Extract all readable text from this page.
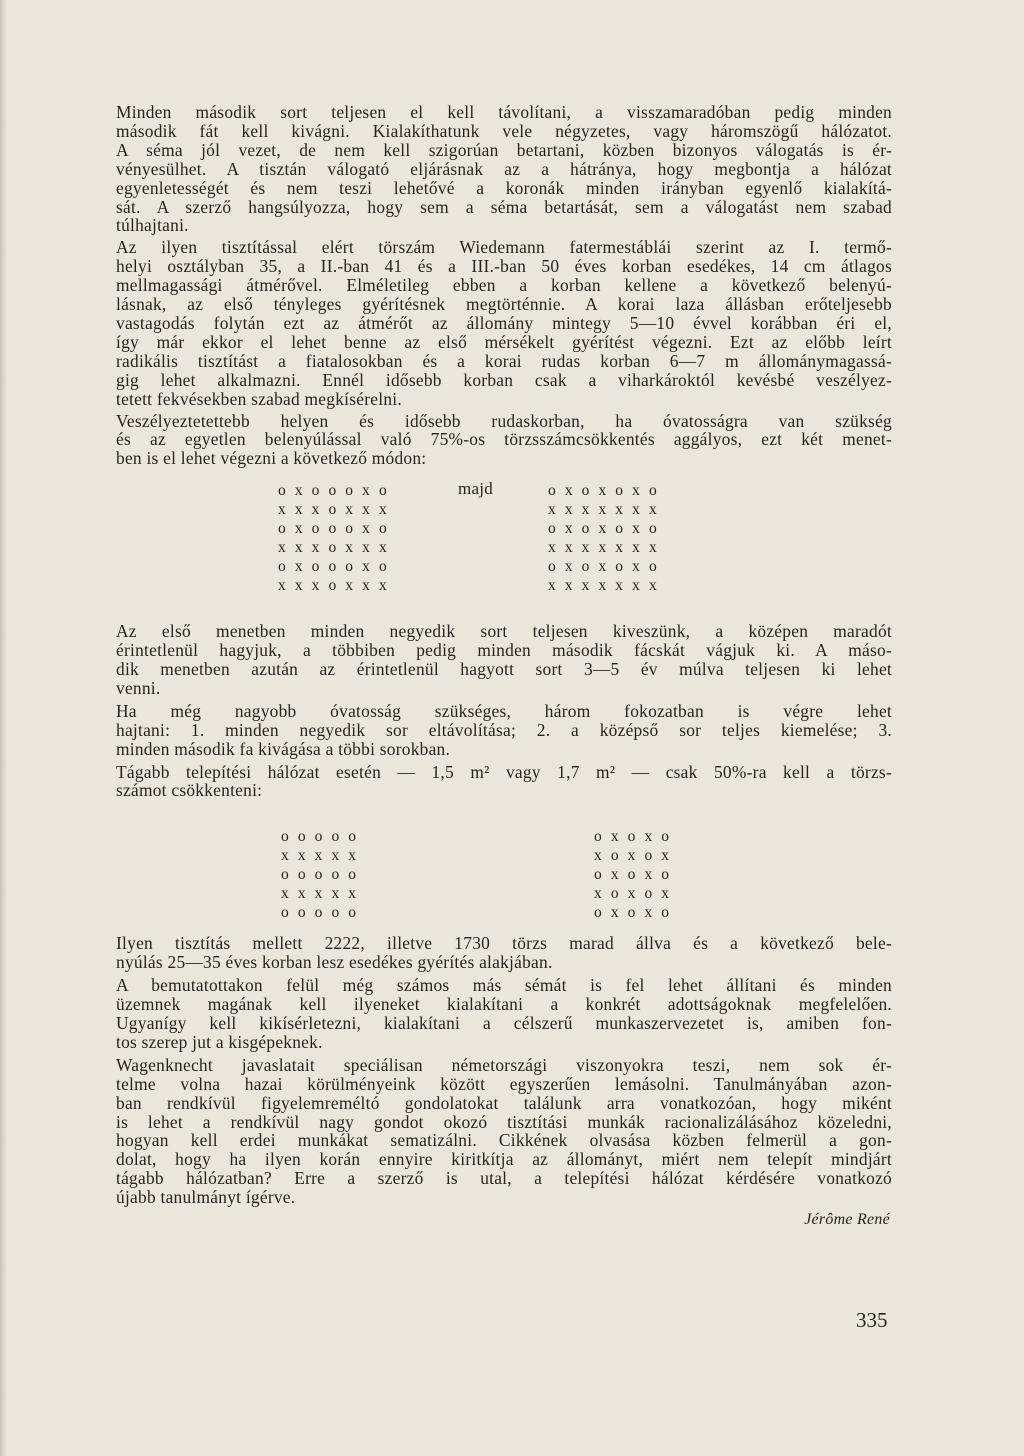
Minden második sort teljesen el kell távolítani, a visszamaradóban pedig minden
második fát kell kivágni. Kialakíthatunk vele négyzetes, vagy háromszögű hálózatot.
A séma jól vezet, de nem kell szigorúan betartani, közben bizonyos válogatás is ér-
vényesülhet. A tisztán válogató eljárásnak az a hátránya, hogy megbontja a hálózat
egyenletességét és nem teszi lehetővé a koronák minden irányban egyenlő kialakítá-
sát. A szerző hangsúlyozza, hogy sem a séma betartását, sem a válogatást nem szabad
túlhajtani.
Az ilyen tisztítással elért törszám Wiedemann fatermestáblái szerint az I. termő-
helyi osztályban 35, a II.-ban 41 és a III.-ban 50 éves korban esedékes, 14 cm átlagos
mellmagassági átmérővel. Elméletileg ebben a korban kellene a következő belenyú-
lásnak, az első tényleges gyérítésnek megtörténnie. A korai laza állásban erőteljesebb
vastagodás folytán ezt az átmérőt az állomány mintegy 5—10 évvel korábban éri el,
így már ekkor el lehet benne az első mérsékelt gyérítést végezni. Ezt az előbb leírt
radikális tisztítást a fiatalosokban és a korai rudas korban 6—7 m állománymagassá-
gig lehet alkalmazni. Ennél idősebb korban csak a viharkároktól kevésbé veszélyez-
tetett fekvésekben szabad megkísérelni.
Veszélyeztetettebb helyen és idősebb rudaskorban, ha óvatosságra van szükség
és az egyetlen belenyúlással való 75%-os törzsszámcsökkentés aggályos, ezt két menet-
ben is el lehet végezni a következő módon:
o x o o o x o
x x x o x x x
o x o o o x o
x x x o x x x
o x o o o x o
x x x o x x x
majd	o x o x o x o
x x x x x x x
o x o x o x o
x x x x x x x
o x o x o x o
x x x x x x x
Az első menetben minden negyedik sort teljesen kiveszünk, a középen maradót
érintetlenül hagyjuk, a többiben pedig minden második fácskát vágjuk ki. A máso-
dik menetben azután az érintetlenül hagyott sort 3—5 év múlva teljesen ki lehet
venni.
Ha még nagyobb óvatosság szükséges, három fokozatban is végre lehet
hajtani: 1. minden negyedik sor eltávolítása; 2. a középső sor teljes kiemelése; 3.
minden második fa kivágása a többi sorokban.
Tágabb telepítési hálózat esetén — 1,5 m² vagy 1,7 m² — csak 50%-ra kell a törzs-
számot csökkenteni:
o o o o o
x x x x x
o o o o o
x x x x x
o o o o o
o x o x o
x o x o x
o x o x o
x o x o x
o x o x o
Ilyen tisztítás mellett 2222, illetve 1730 törzs marad állva és a következő bele-
nyúlás 25—35 éves korban lesz esedékes gyérítés alakjában.
A bemutatottakon felül még számos más sémát is fel lehet állítani és minden
üzemnek magának kell ilyeneket kialakítani a konkrét adottságoknak megfelelően.
Ugyanígy kell kikísérletezni, kialakítani a célszerű munkaszervezetet is, amiben fon-
tos szerep jut a kisgépeknek.
Wagenknecht javaslatait speciálisan németországi viszonyokra teszi, nem sok ér-
telme volna hazai körülményeink között egyszerűen lemásolni. Tanulmányában azon-
ban rendkívül figyelemreméltó gondolatokat találunk arra vonatkozóan, hogy miként
is lehet a rendkívül nagy gondot okozó tisztítási munkák racionalizálásához közeledni,
hogyan kell erdei munkákat sematizálni. Cikkének olvasása közben felmerül a gon-
dolat, hogy ha ilyen korán ennyire kiritkítja az állományt, miért nem telepít mindjárt
tágabb hálózatban? Erre a szerző is utal, a telepítési hálózat kérdésére vonatkozó
újabb tanulmányt ígérve.
Jérôme René
335
